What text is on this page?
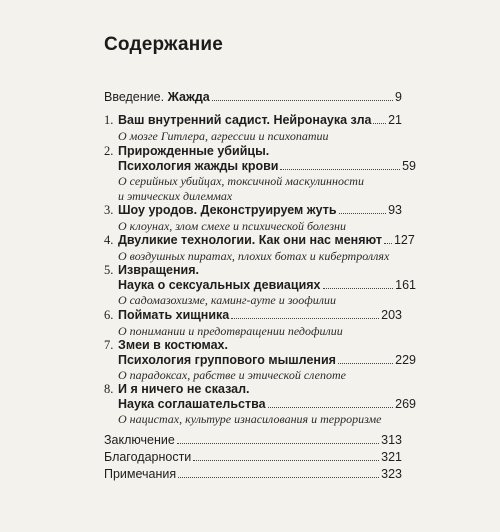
Содержание
Введение. Жажда	9
1. Ваш внутренний садист. Нейронаука зла 21
О мозге Гитлера, агрессии и психопатии
2. Прирожденные убийцы.
Психология жажды крови	59
О серийных убийцах, токсичной маскулинности
и этических дилеммах
3. Шоу уродов. Деконструируем жуть	93
О клоунах, злом смехе и психической болезни
4. Двуликие технологии. Как они нас меняют 127
О воздушных пиратах, плохих ботах и кибертроллях
5. Извращения.
Наука о сексуальных девиациях	161
О садомазохизме, каминг-ауте и зоофилии
6. Поймать хищника	203
О понимании и предотвращении педофилии
7. Змеи в костюмах.
Психология группового мышления	229
О парадоксах, рабстве и этической слепоте
8. И я ничего не сказал.
Наука соглашательства	269
О нацистах, культуре изнасилования и терроризме
Заключение	313
Благодарности	321
Примечания	323
